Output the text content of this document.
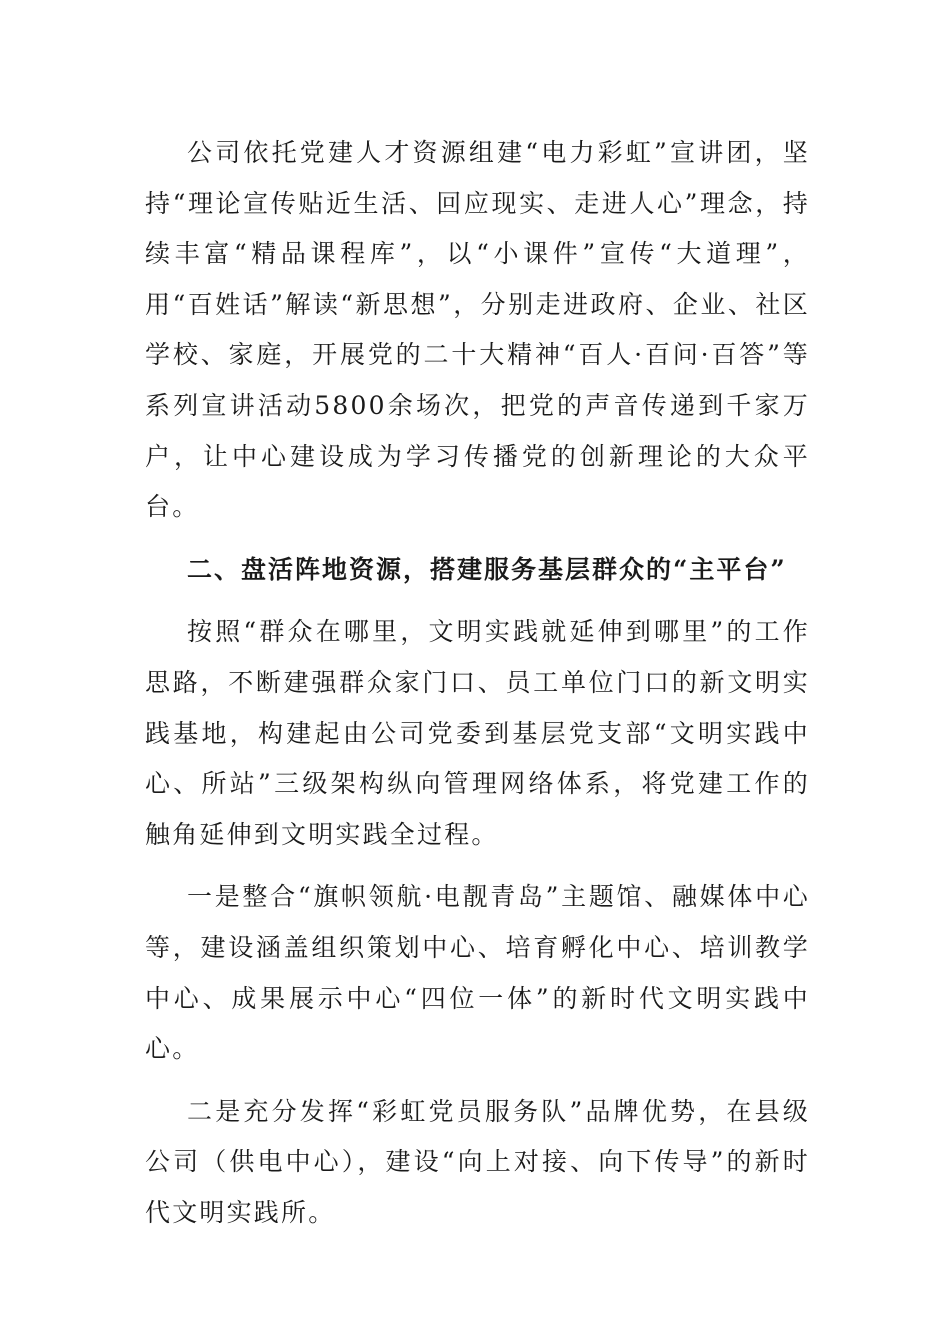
公司依托党建人才资源组建“电力彩虹”宣讲团，坚持“理论宣传贴近生活、回应现实、走进人心”理念，持续丰富“精品课程库”，以“小课件”宣传“大道理”，用“百姓话”解读“新思想”，分别走进政府、企业、社区学校、家庭，开展党的二十大精神“百人·百问·百答”等系列宣讲活动5800余场次，把党的声音传递到千家万户，让中心建设成为学习传播党的创新理论的大众平台。

二、盘活阵地资源，搭建服务基层群众的“主平台”

按照“群众在哪里，文明实践就延伸到哪里”的工作思路，不断建强群众家门口、员工单位门口的新文明实践基地，构建起由公司党委到基层党支部“文明实践中心、所站”三级架构纵向管理网络体系，将党建工作的触角延伸到文明实践全过程。

一是整合“旗帜领航·电靓青岛”主题馆、融媒体中心等，建设涵盖组织策划中心、培育孵化中心、培训教学中心、成果展示中心“四位一体”的新时代文明实践中心。

二是充分发挥“彩虹党员服务队”品牌优势，在县级公司（供电中心），建设“向上对接、向下传导”的新时代文明实践所。
